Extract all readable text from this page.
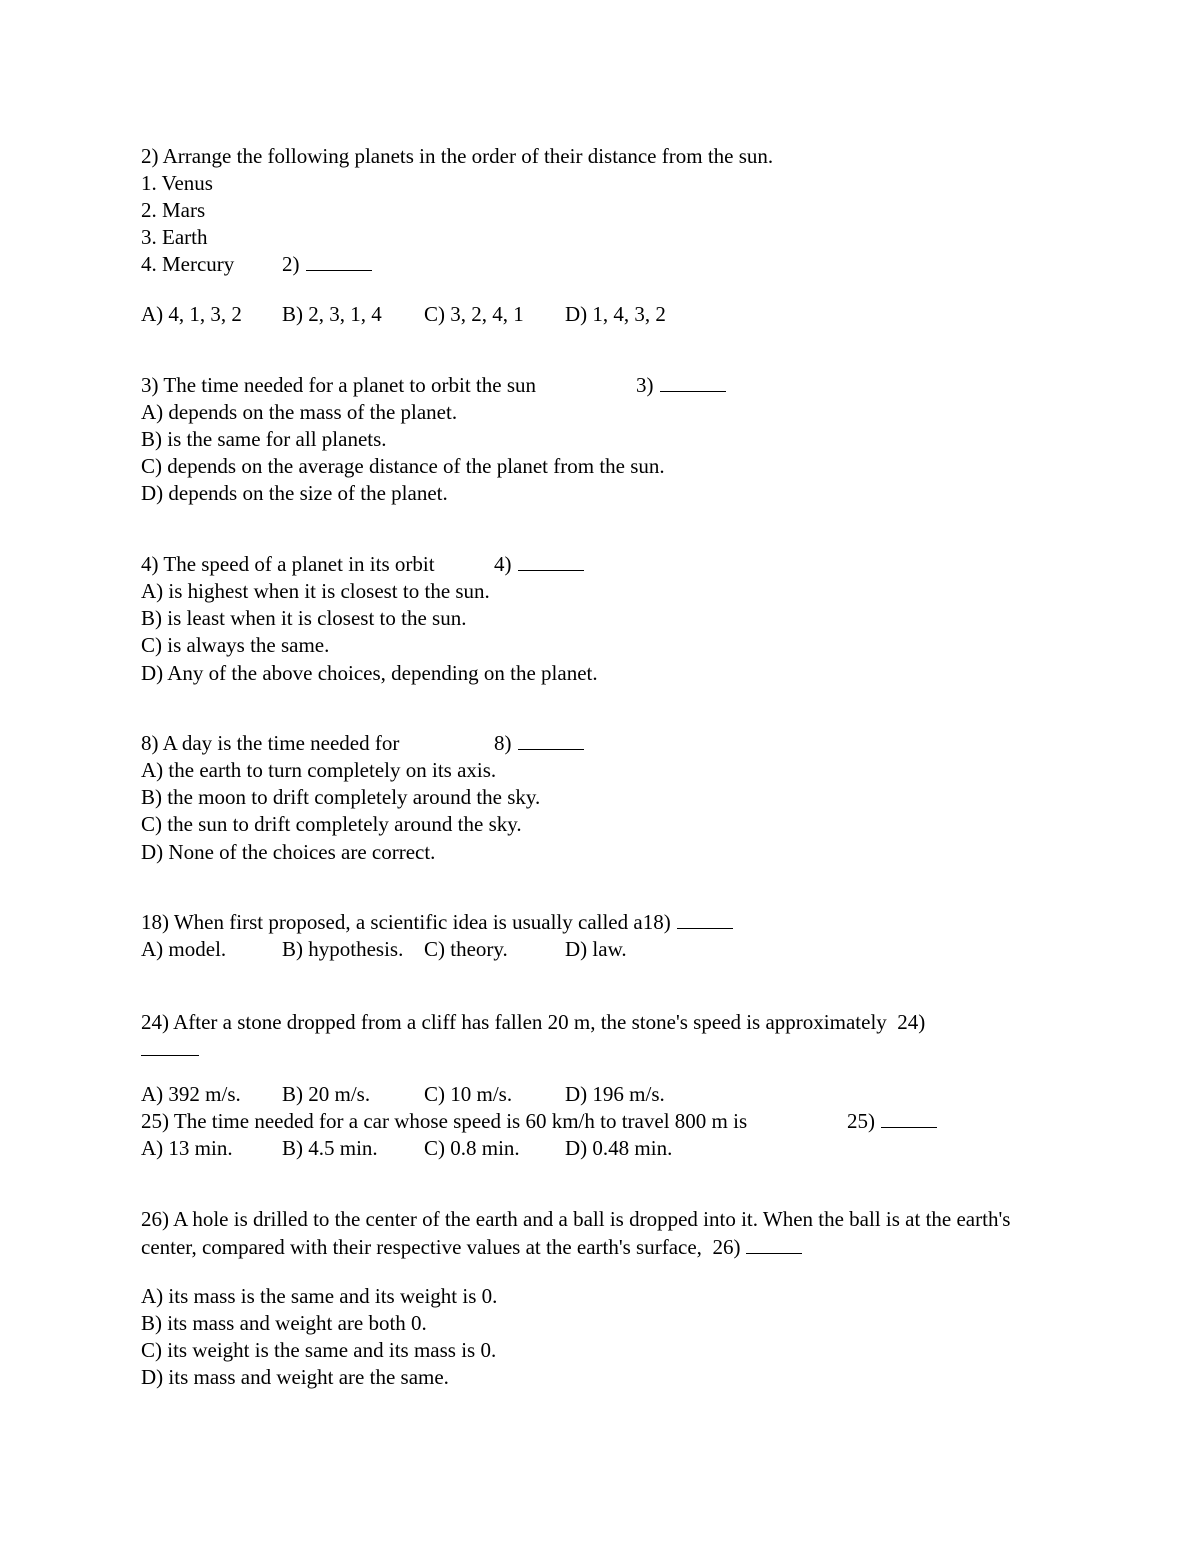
2) Arrange the following planets in the order of their distance from the sun.
1. Venus
2. Mars
3. Earth
4. Mercury 2)
A) 4, 1, 3, 2 B) 2, 3, 1, 4 C) 3, 2, 4, 1 D) 1, 4, 3, 2
3) The time needed for a planet to orbit the sun	3)
A) depends on the mass of the planet.
B) is the same for all planets.
C) depends on the average distance of the planet from the sun.
D) depends on the size of the planet.
4) The speed of a planet in its orbit	4)
A) is highest when it is closest to the sun.
B) is least when it is closest to the sun.
C) is always the same.
D) Any of the above choices, depending on the planet.
8) A day is the time needed for	8)
A) the earth to turn completely on its axis.
B) the moon to drift completely around the sky.
C) the sun to drift completely around the sky.
D) None of the choices are correct.
18) When first proposed, a scientific idea is usually called a18)
A) model.	B) hypothesis. C) theory.	D) law.
24) After a stone dropped from a cliff has fallen 20 m, the stone's speed is approximately 24)
A) 392 m/s. B) 20 m/s.	C) 10 m/s.	D) 196 m/s.
25) The time needed for a car whose speed is 60 km/h to travel 800 m is	25)
A) 13 min. B) 4.5 min. C) 0.8 min. D) 0.48 min.
26) A hole is drilled to the center of the earth and a ball is dropped into it. When the ball is at the earth's center, compared with their respective values at the earth's surface, 26)
A) its mass is the same and its weight is 0.
B) its mass and weight are both 0.
C) its weight is the same and its mass is 0.
D) its mass and weight are the same.
